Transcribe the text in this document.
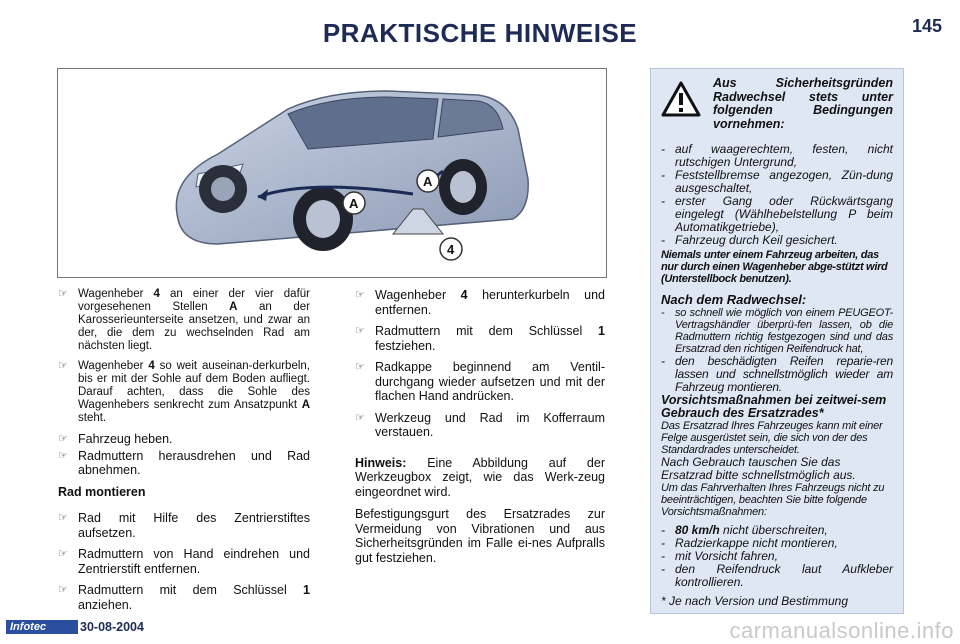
PRAKTISCHE HINWEISE	145
A
A
4
☞ Wagenheber 4 an einer der vier dafür vorgesehenen Stellen A an der Karosserieunterseite ansetzen, und zwar an der, die dem zu wechselnden Rad am nächsten liegt.
☞ Wagenheber 4 so weit auseinan-derkurbeln, bis er mit der Sohle auf dem Boden aufliegt. Darauf achten, dass die Sohle des Wagenhebers senkrecht zum Ansatzpunkt A steht.
☞ Fahrzeug heben.
☞ Radmuttern herausdrehen und Rad abnehmen.
Rad montieren
☞ Rad mit Hilfe des Zentrierstiftes aufsetzen.
☞ Radmuttern von Hand eindrehen und Zentrierstift entfernen.
☞ Radmuttern mit dem Schlüssel 1 anziehen.
☞ Wagenheber 4 herunterkurbeln und entfernen.
☞ Radmuttern mit dem Schlüssel 1 festziehen.
☞ Radkappe beginnend am Ventil-durchgang wieder aufsetzen und mit der flachen Hand andrücken.
☞ Werkzeug und Rad im Kofferraum verstauen.
Hinweis: Eine Abbildung auf der Werkzeugbox zeigt, wie das Werk-zeug eingeordnet wird.
Befestigungsgurt des Ersatzrades zur Vermeidung von Vibrationen und aus Sicherheitsgründen im Falle ei-nes Aufpralls gut festziehen.
Aus Sicherheitsgründen Radwechsel stets unter folgenden Bedingungen vornehmen:
- auf waagerechtem, festen, nicht rutschigen Untergrund,
- Feststellbremse angezogen, Zün-dung ausgeschaltet,
- erster Gang oder Rückwärtsgang eingelegt (Wählhebelstellung P beim Automatikgetriebe),
- Fahrzeug durch Keil gesichert.
Niemals unter einem Fahrzeug arbeiten, das nur durch einen Wagenheber abge-stützt wird (Unterstellbock benutzen).
Nach dem Radwechsel:
- so schnell wie möglich von einem PEUGEOT-Vertragshändler überprü-fen lassen, ob die Radmuttern richtig festgezogen sind und das Ersatzrad den richtigen Reifendruck hat,
- den beschädigten Reifen reparie-ren lassen und schnellstmöglich wieder am Fahrzeug montieren.
Vorsichtsmaßnahmen bei zeitwei-sem Gebrauch des Ersatzrades*
Das Ersatzrad Ihres Fahrzeuges kann mit einer Felge ausgerüstet sein, die sich von der des Standardrades unterscheidet.
Nach Gebrauch tauschen Sie das Ersatzrad bitte schnellstmöglich aus.
Um das Fahrverhalten Ihres Fahrzeugs nicht zu beeinträchtigen, beachten Sie bitte folgende Vorsichtsmaßnahmen:
- 80 km/h nicht überschreiten,
- Radzierkappe nicht montieren,
- mit Vorsicht fahren,
- den Reifendruck laut Aufkleber kontrollieren.
* Je nach Version und Bestimmung
Infotec	30-08-2004	carmanualsonline.info
